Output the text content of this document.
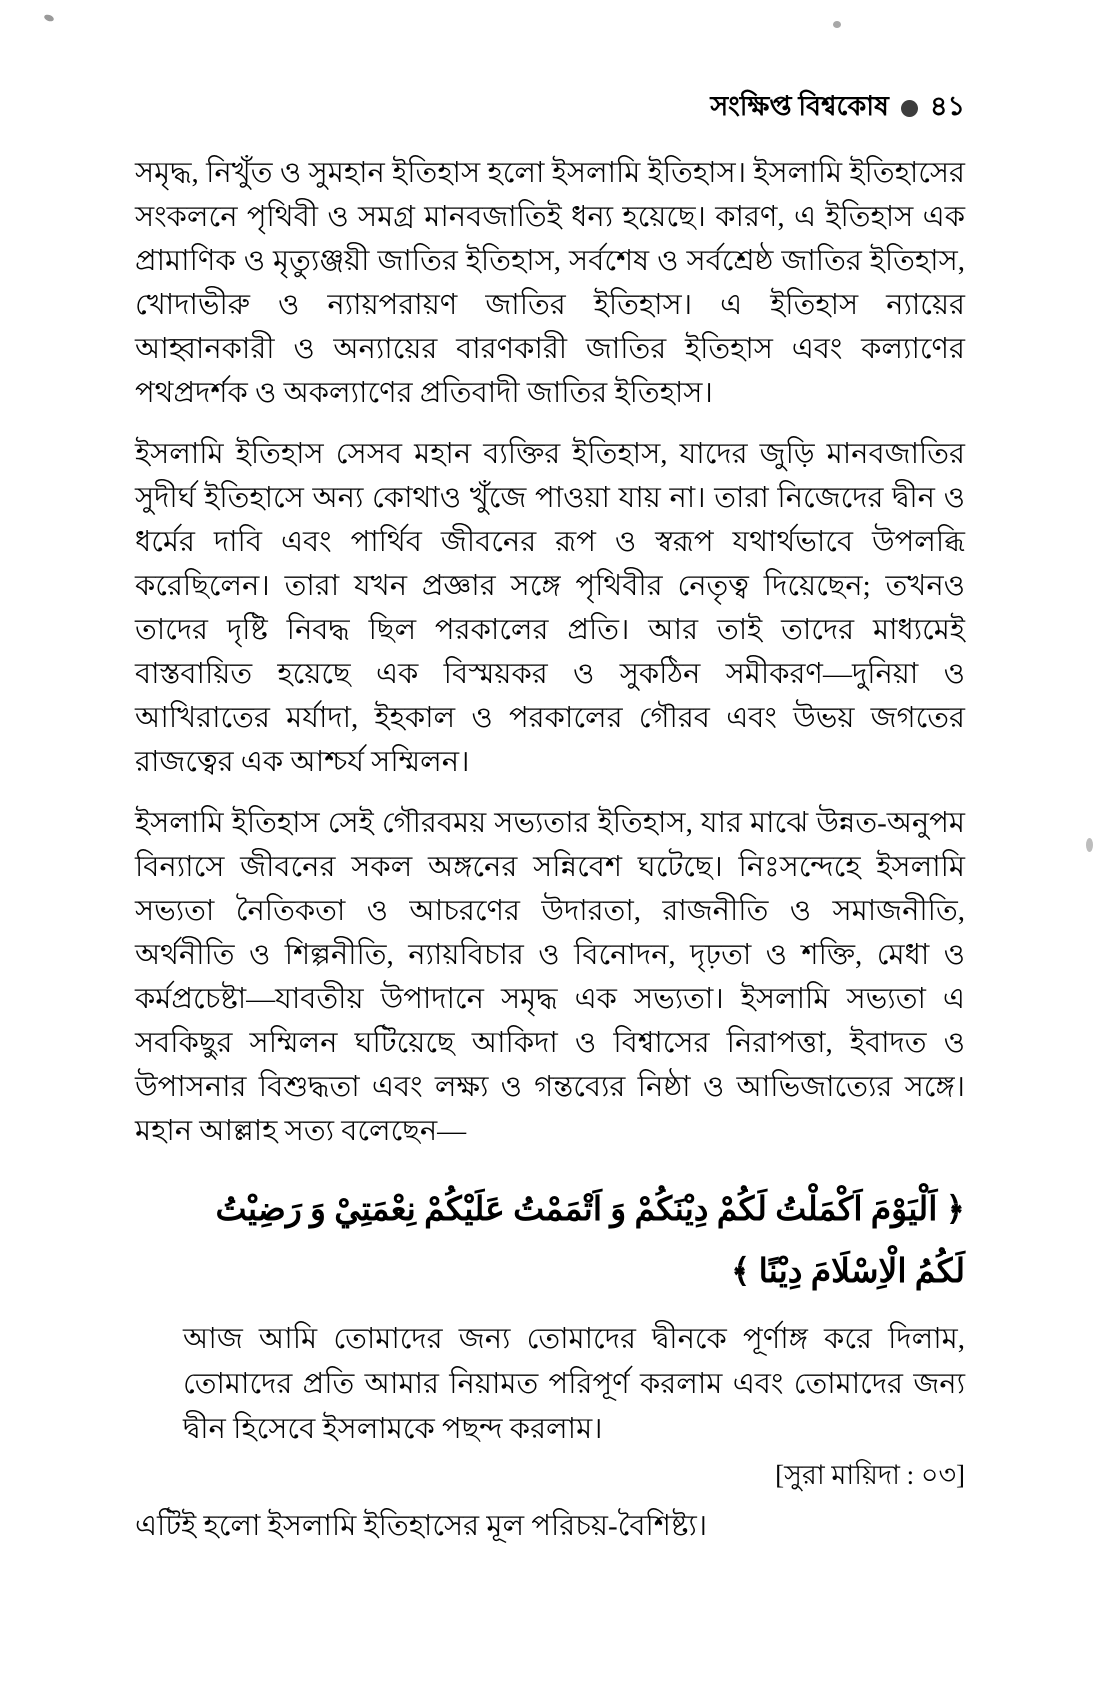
সংক্ষিপ্ত বিশ্বকোষ ৪১

সমৃদ্ধ, নিখুঁত ও সুমহান ইতিহাস হলো ইসলামি ইতিহাস। ইসলামি ইতিহাসের সংকলনে পৃথিবী ও সমগ্র মানবজাতিই ধন্য হয়েছে। কারণ, এ ইতিহাস এক প্রামাণিক ও মৃত্যুঞ্জয়ী জাতির ইতিহাস, সর্বশেষ ও সর্বশ্রেষ্ঠ জাতির ইতিহাস, খোদাভীরু ও ন্যায়পরায়ণ জাতির ইতিহাস। এ ইতিহাস ন্যায়ের আহ্বানকারী ও অন্যায়ের বারণকারী জাতির ইতিহাস এবং কল্যাণের পথপ্রদর্শক ও অকল্যাণের প্রতিবাদী জাতির ইতিহাস।

ইসলামি ইতিহাস সেসব মহান ব্যক্তির ইতিহাস, যাদের জুড়ি মানবজাতির সুদীর্ঘ ইতিহাসে অন্য কোথাও খুঁজে পাওয়া যায় না। তারা নিজেদের দ্বীন ও ধর্মের দাবি এবং পার্থিব জীবনের রূপ ও স্বরূপ যথার্থভাবে উপলব্ধি করেছিলেন। তারা যখন প্রজ্ঞার সঙ্গে পৃথিবীর নেতৃত্ব দিয়েছেন; তখনও তাদের দৃষ্টি নিবদ্ধ ছিল পরকালের প্রতি। আর তাই তাদের মাধ্যমেই বাস্তবায়িত হয়েছে এক বিস্ময়কর ও সুকঠিন সমীকরণ—দুনিয়া ও আখিরাতের মর্যাদা, ইহকাল ও পরকালের গৌরব এবং উভয় জগতের রাজত্বের এক আশ্চর্য সম্মিলন।

ইসলামি ইতিহাস সেই গৌরবময় সভ্যতার ইতিহাস, যার মাঝে উন্নত-অনুপম বিন্যাসে জীবনের সকল অঙ্গনের সন্নিবেশ ঘটেছে। নিঃসন্দেহে ইসলামি সভ্যতা নৈতিকতা ও আচরণের উদারতা, রাজনীতি ও সমাজনীতি, অর্থনীতি ও শিল্পনীতি, ন্যায়বিচার ও বিনোদন, দৃঢ়তা ও শক্তি, মেধা ও কর্মপ্রচেষ্টা—যাবতীয় উপাদানে সমৃদ্ধ এক সভ্যতা। ইসলামি সভ্যতা এ সবকিছুর সম্মিলন ঘটিয়েছে আকিদা ও বিশ্বাসের নিরাপত্তা, ইবাদত ও উপাসনার বিশুদ্ধতা এবং লক্ষ্য ও গন্তব্যের নিষ্ঠা ও আভিজাত্যের সঙ্গে। মহান আল্লাহ সত্য বলেছেন—

﴿ اَلْيَوْمَ اَكْمَلْتُ لَكُمْ دِيْنَكُمْ وَ اَتْمَمْتُ عَلَيْكُمْ نِعْمَتِيْ وَ رَضِيْتُ
لَكُمُ الْاِسْلَامَ دِيْنًا ﴾

আজ আমি তোমাদের জন্য তোমাদের দ্বীনকে পূর্ণাঙ্গ করে দিলাম, তোমাদের প্রতি আমার নিয়ামত পরিপূর্ণ করলাম এবং তোমাদের জন্য দ্বীন হিসেবে ইসলামকে পছন্দ করলাম।

[সুরা মায়িদা : ০৩]

এটিই হলো ইসলামি ইতিহাসের মূল পরিচয়-বৈশিষ্ট্য।
